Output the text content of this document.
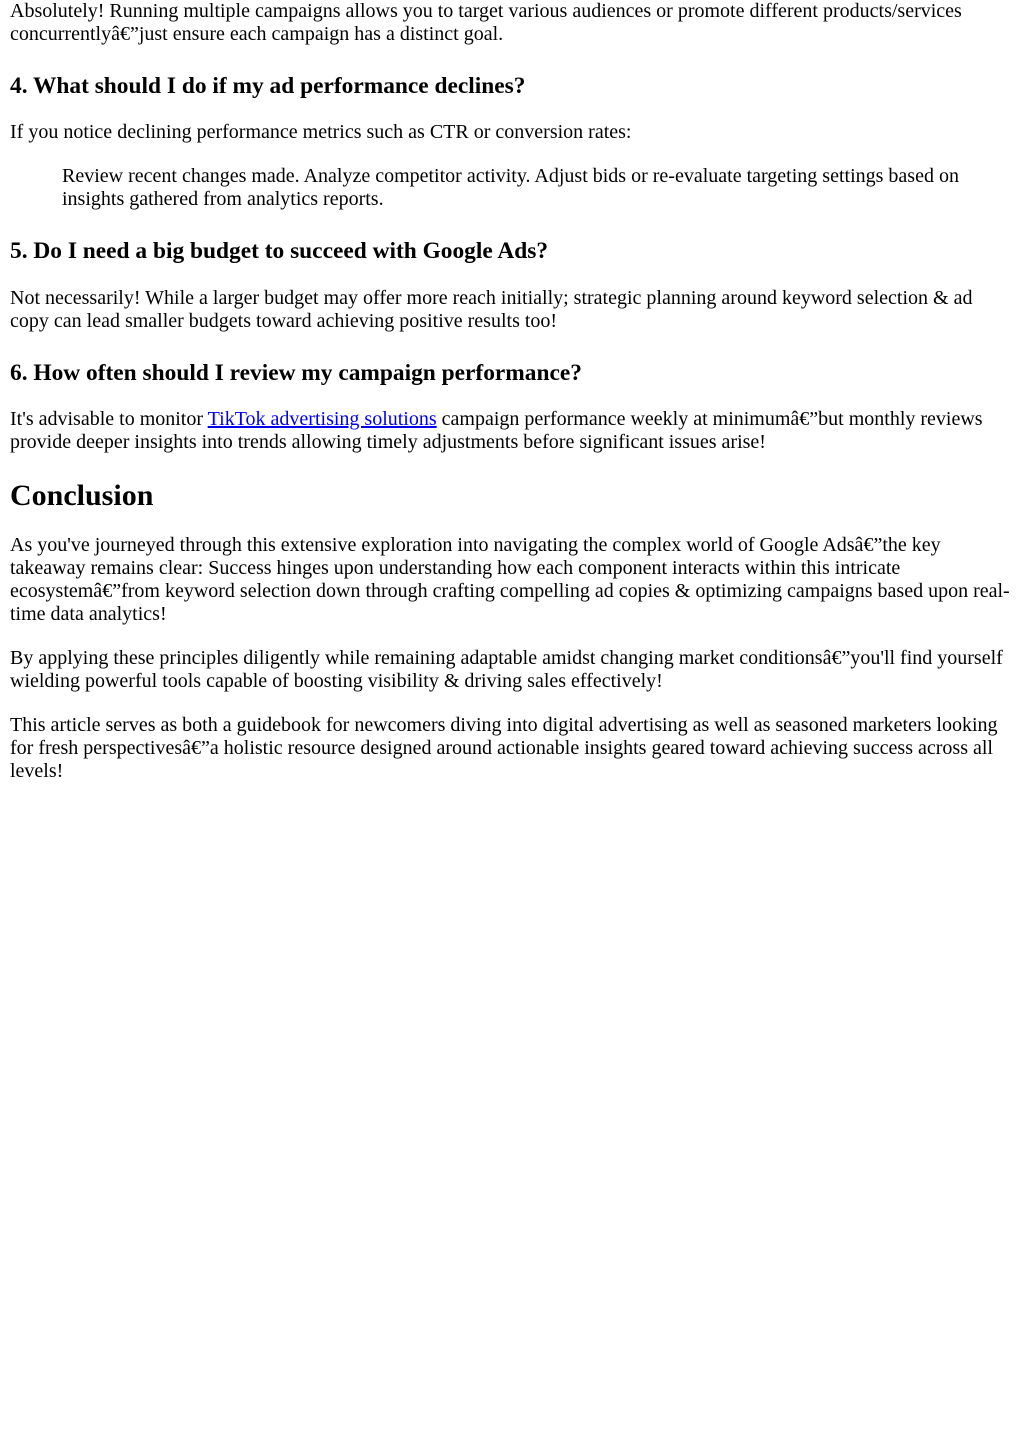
Absolutely! Running multiple campaigns allows you to target various audiences or promote different products/services concurrentlyâ€”just ensure each campaign has a distinct goal.

4. What should I do if my ad performance declines?

If you notice declining performance metrics such as CTR or conversion rates:

Review recent changes made. Analyze competitor activity. Adjust bids or re-evaluate targeting settings based on insights gathered from analytics reports.
5. Do I need a big budget to succeed with Google Ads?

Not necessarily! While a larger budget may offer more reach initially; strategic planning around keyword selection & ad copy can lead smaller budgets toward achieving positive results too!

6. How often should I review my campaign performance?

It's advisable to monitor TikTok advertising solutions campaign performance weekly at minimumâ€”but monthly reviews provide deeper insights into trends allowing timely adjustments before significant issues arise!

Conclusion

As you've journeyed through this extensive exploration into navigating the complex world of Google Adsâ€”the key takeaway remains clear: Success hinges upon understanding how each component interacts within this intricate ecosystemâ€”from keyword selection down through crafting compelling ad copies & optimizing campaigns based upon real-time data analytics!

By applying these principles diligently while remaining adaptable amidst changing market conditionsâ€”you'll find yourself wielding powerful tools capable of boosting visibility & driving sales effectively!

This article serves as both a guidebook for newcomers diving into digital advertising as well as seasoned marketers looking for fresh perspectivesâ€”a holistic resource designed around actionable insights geared toward achieving success across all levels!
